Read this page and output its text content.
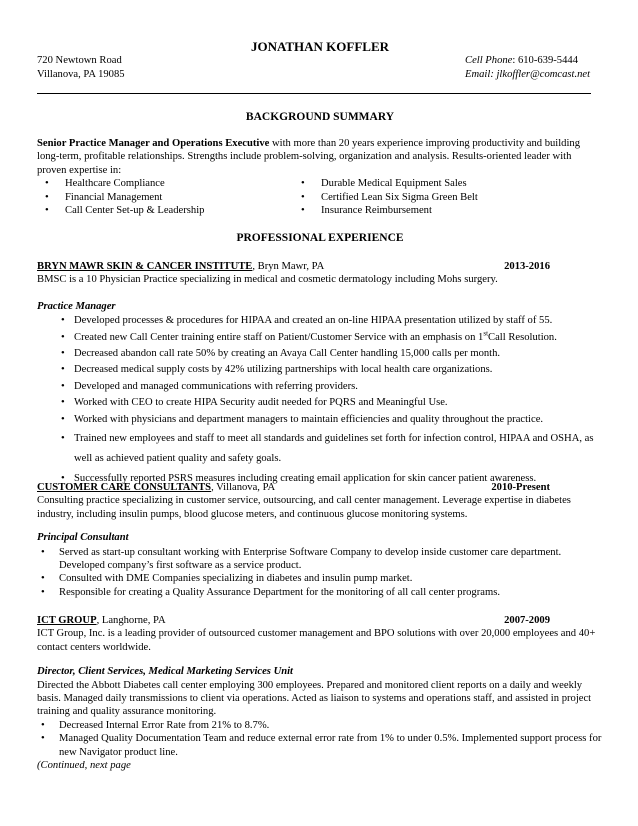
JONATHAN KOFFLER
720 Newtown Road
Villanova, PA 19085
Cell Phone: 610-639-5444
Email: jlkoffler@comcast.net
BACKGROUND SUMMARY

Senior Practice Manager and Operations Executive with more than 20 years experience improving productivity and building long-term, profitable relationships. Strengths include problem-solving, organization and analysis. Results-oriented leader with proven expertise in:

• Healthcare Compliance
• Financial Management
• Call Center Set-up & Leadership
• Durable Medical Equipment Sales
• Certified Lean Six Sigma Green Belt
• Insurance Reimbursement
PROFESSIONAL EXPERIENCE
BRYN MAWR SKIN & CANCER INSTITUTE, Bryn Mawr, PA	2013-2016

BMSC is a 10 Physician Practice specializing in medical and cosmetic dermatology including Mohs surgery.

Practice Manager

• Developed processes & procedures for HIPAA and created an on-line HIPAA presentation utilized by staff of 55.
• Created new Call Center training entire staff on Patient/Customer Service with an emphasis on 1stCall Resolution.
• Decreased abandon call rate 50% by creating an Avaya Call Center handling 15,000 calls per month.
• Decreased medical supply costs by 42% utilizing partnerships with local health care organizations.
• Developed and managed communications with referring providers.
• Worked with CEO to create HIPA Security audit needed for PQRS and Meaningful Use.
• Worked with physicians and department managers to maintain efficiencies and quality throughout the practice.
• Trained new employees and staff to meet all standards and guidelines set forth for infection control, HIPAA and OSHA, as well as achieved patient quality and safety goals.
• Successfully reported PSRS measures including creating email application for skin cancer patient awareness.
CUSTOMER CARE CONSULTANTS, Villanova, PA	2010-Present

Consulting practice specializing in customer service, outsourcing, and call center management. Leverage expertise in diabetes industry, including insulin pumps, blood glucose meters, and continuous glucose monitoring systems.

Principal Consultant

• Served as start-up consultant working with Enterprise Software Company to develop inside customer care department. Developed company’s first software as a service product.
• Consulted with DME Companies specializing in diabetes and insulin pump market.
• Responsible for creating a Quality Assurance Department for the monitoring of all call center programs.
ICT GROUP, Langhorne, PA	2007-2009

ICT Group, Inc. is a leading provider of outsourced customer management and BPO solutions with over 20,000 employees and 40+ contact centers worldwide.

Director, Client Services, Medical Marketing Services Unit

Directed the Abbott Diabetes call center employing 300 employees. Prepared and monitored client reports on a daily and weekly basis. Managed daily transmissions to client via operations. Acted as liaison to systems and operations staff, and assisted in project training and quality assurance monitoring.

• Decreased Internal Error Rate from 21% to 8.7%.
• Managed Quality Documentation Team and reduce external error rate from 1% to under 0.5%. Implemented support process for new Navigator product line.

(Continued, next page
